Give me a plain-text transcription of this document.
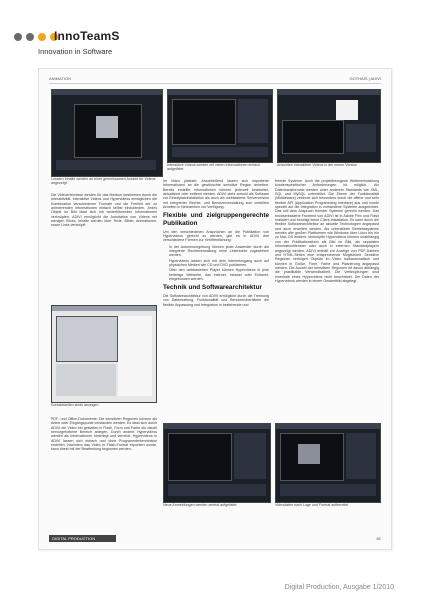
InnoTeamS
Innovation in Software
ANIMATION	GOTHAIS | ADIVI
Lokalen Inhalte werden an einer gemeinsamen Ansicht für Videos angezeigt
Interaktive Videos werden mit vielen Informationen einfach aufgelistet
Ansichten interaktiver Videos in der neuen Version

Die Videoerlebnisse werden für das Medium bestimmen durch die Interaktivität. Interaktive Videos und Hypervideos ermöglichen die Kombination verschiedener Formate und die Freiheit der zu animierenden Informationen einfach selbst einzubinden. Jedes Objekt im Bild lässt sich mit weiterführenden Informationen verknüpfen. ADIVI ermöglicht die Annotation von Videos mit wenigen Klicks. Inhalte werden über Texte, Bilder, Animationen, sowie Links verknüpft.

Kontaktstellen sinds anzeigen

PDF- und Office-Dokumente. Die sensitiven Regionen können als Anker oder Eingangspunkt verstanden werden. Es lässt sich durch ADIVI ein Video frei gestalten in Flash, Form und Farbe als visuell hervorgehobene Bereich anlegen. Durch andere Hypervideos werden als Informationen hinterlegt und vernetzt. Hypervideos in ADIVI lassen sich einfach und ohne Programmierkenntnisse erstellen. Nachdem das Video in Flash-Format exportiert wurde, kann direkt mit der Bearbeitung begonnen werden.

im Video platziert. Anschließend lassen sich importierte Informationen an die gewünschte sensitive Region anheften. Bereits erstellte Informationen können jederzeit bearbeitet, aktualisiert oder entfernt werden. ADIVI steht sowohl als Software zur Einzelplatzinstallation als auch als webbasierte Serverversion mit integrierter Rechte- und Benutzerverwaltung zum verteilten Arbeiten in Netzwerken zur Verfügung.

Flexible und zielgruppengerechte Publikation

Um den verschiedenen Ansprüchen an die Publikation von Hypervideos gerecht zu werden, gibt es in ADIVI drei verschiedene Formen zur Veröffentlichung:

• In der Autorenumgebung können jeder Anwender durch die integrierte Rechteverwaltung reine Leserechte zugewiesen werden.
• Hypervideos lassen sich mit dem Internetzugang auch auf physischen Medien wie CD und DVD publizieren.
• Über den webbasierten Player können Hypervideos in jede beliebige Webseite, das Internet, Intranet oder Extranet, eingebunden werden.
Technik und Softwarearchitektur

Die Softwarearchitektur von ADIVI ermöglicht durch die Trennung von Datenhaltung, Funktionalität und Benutzeroberfläche die flexible Anpassung und Integration in bestehende und

fremde Systeme. Auch die projektbezogene Weiterentwicklung kundenspezifischer Anforderungen ist möglich. Als Datenbankformate werden unter anderem Standards wie XML, SQL und MySQL unterstützt. Die Ebene der Funktionalität (Middleware) zeichnet sich besonders durch die offene und sehr flexible API (Application Programming Interface) aus und wurde speziell auf die Integration in vorhandene Systeme ausgerichtet. Das soll dem Anspruch fremder Systeme gerecht werden. Das browserbasierte Frontend von ADIVI ist in Adobe Flex und Flash realisiert und benötigt keine Client-Installation. Es kann durch die flexible Softwarearchitektur an aktuelle Technologien angepasst und auch erweitert werden. Als unterstützte Betriebssysteme werden alle großen Plattformen wie Windows über Linux bis hin zu Mac OS bedient. Verknüpfte Hypervideos können unabhängig von der Publikationsform als Bild im Bild, als separaten Informationsfenster oder auch in externen Standardplayern angezeigt werden. ADIVI enthält zur Anzeige von PDF-Dateien und HTML-Seiten eine entsprechende Möglichkeit. Sensitive Regionen verfolgen Objekte im Video halbautomatisch und können in Größe, Form, Farbe und Platzierung angepasst werden. Die Anzahl der sensitiven Regionen ist davon abhängig die praktikable Verwendbarkeit. Die Verknüpfungen sind innerhalb eines Hypervideos nicht beschränkt. Die Daten der Hypervideos werden in einem Gesamtbild abgelegt.

Neue Anmeldungen werden zentral aufgelistet	Videodaten nach Lage und Format aufbereitet
DIGITAL PRODUCTION	81
Digital Production, Ausgabe 1/2010
